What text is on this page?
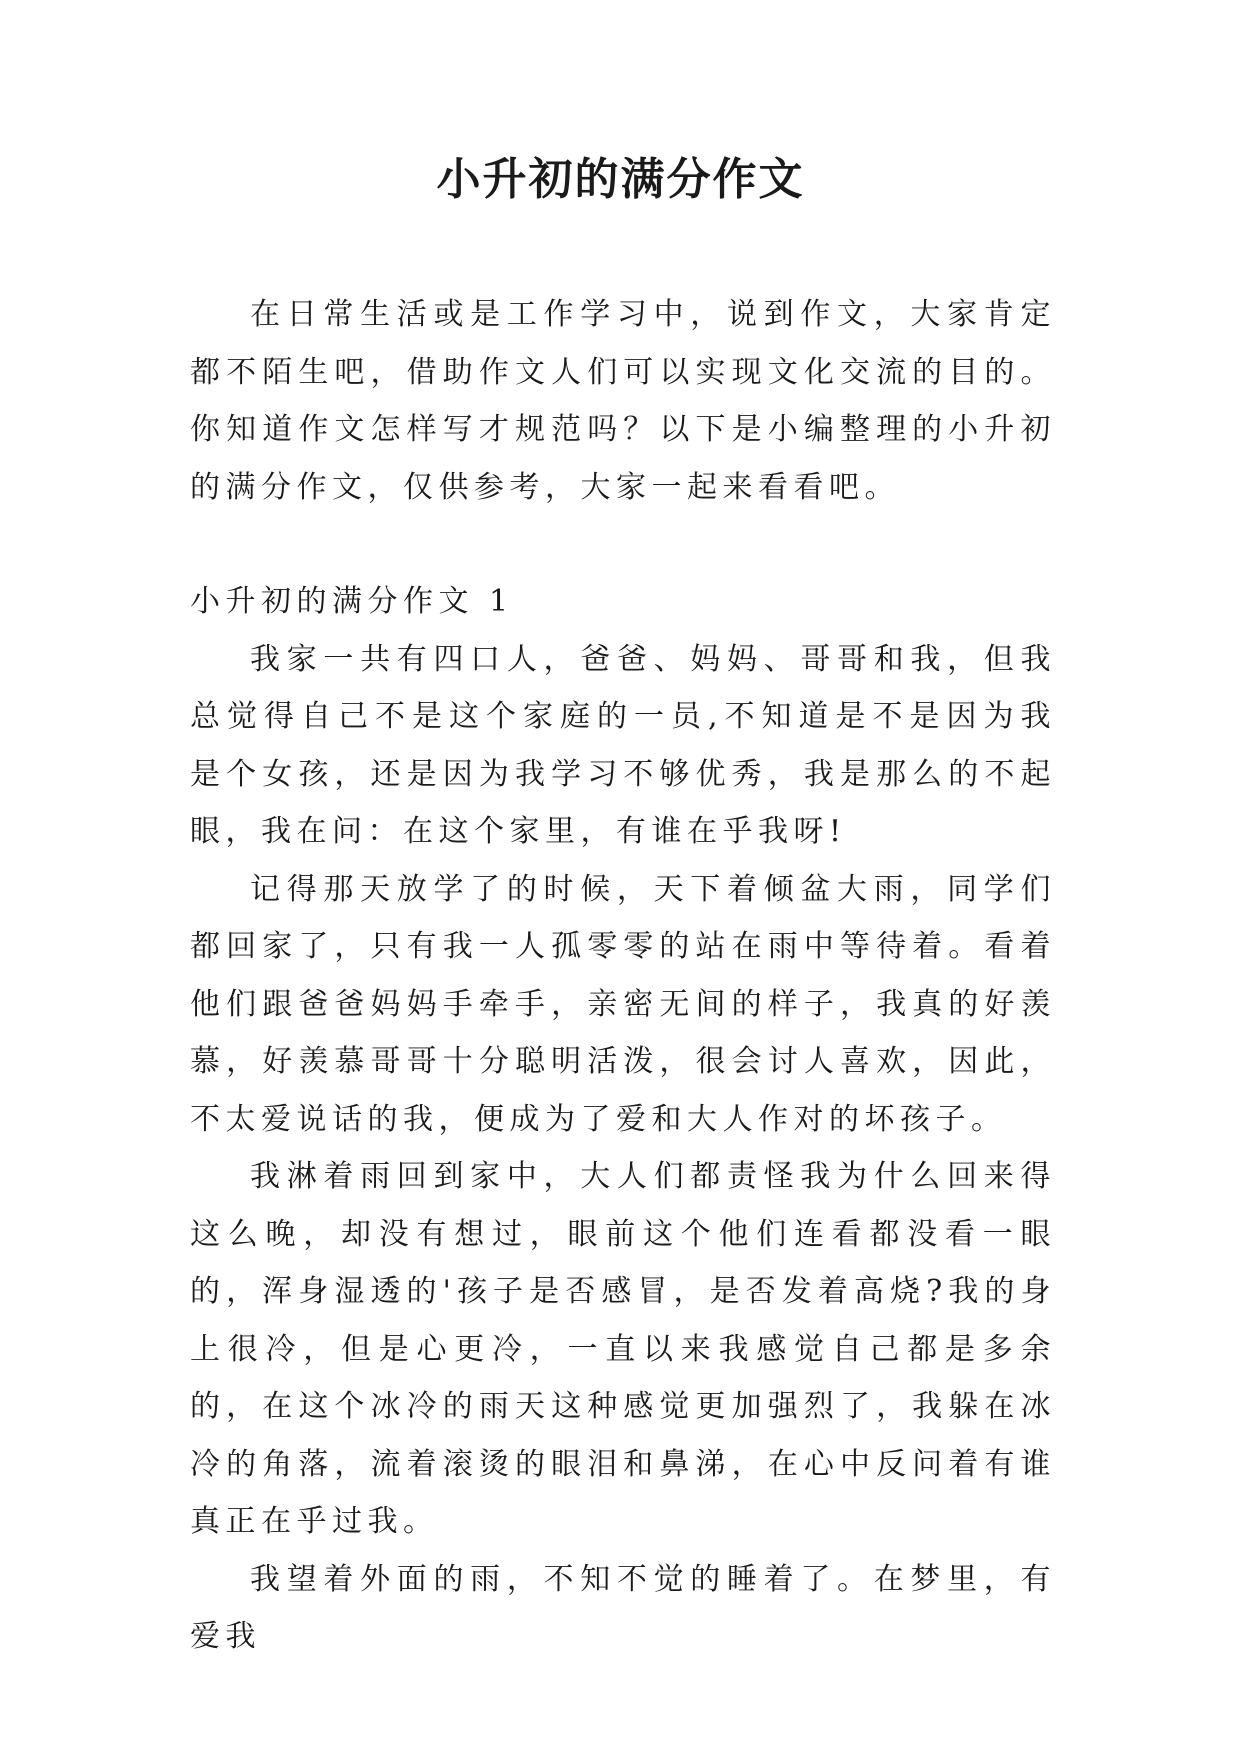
小升初的满分作文

在日常生活或是工作学习中，说到作文，大家肯定都不陌生吧，借助作文人们可以实现文化交流的目的。你知道作文怎样写才规范吗？以下是小编整理的小升初的满分作文，仅供参考，大家一起来看看吧。

小升初的满分作文 1

我家一共有四口人，爸爸、妈妈、哥哥和我，但我总觉得自己不是这个家庭的一员,不知道是不是因为我是个女孩，还是因为我学习不够优秀，我是那么的不起眼，我在问：在这个家里，有谁在乎我呀!

记得那天放学了的时候，天下着倾盆大雨，同学们都回家了，只有我一人孤零零的站在雨中等待着。看着他们跟爸爸妈妈手牵手，亲密无间的样子，我真的好羡慕，好羡慕哥哥十分聪明活泼，很会讨人喜欢，因此，不太爱说话的我，便成为了爱和大人作对的坏孩子。

我淋着雨回到家中，大人们都责怪我为什么回来得这么晚，却没有想过，眼前这个他们连看都没看一眼的，浑身湿透的'孩子是否感冒，是否发着高烧?我的身上很冷，但是心更冷，一直以来我感觉自己都是多余的，在这个冰冷的雨天这种感觉更加强烈了，我躲在冰冷的角落，流着滚烫的眼泪和鼻涕，在心中反问着有谁真正在乎过我。

我望着外面的雨，不知不觉的睡着了。在梦里，有爱我
